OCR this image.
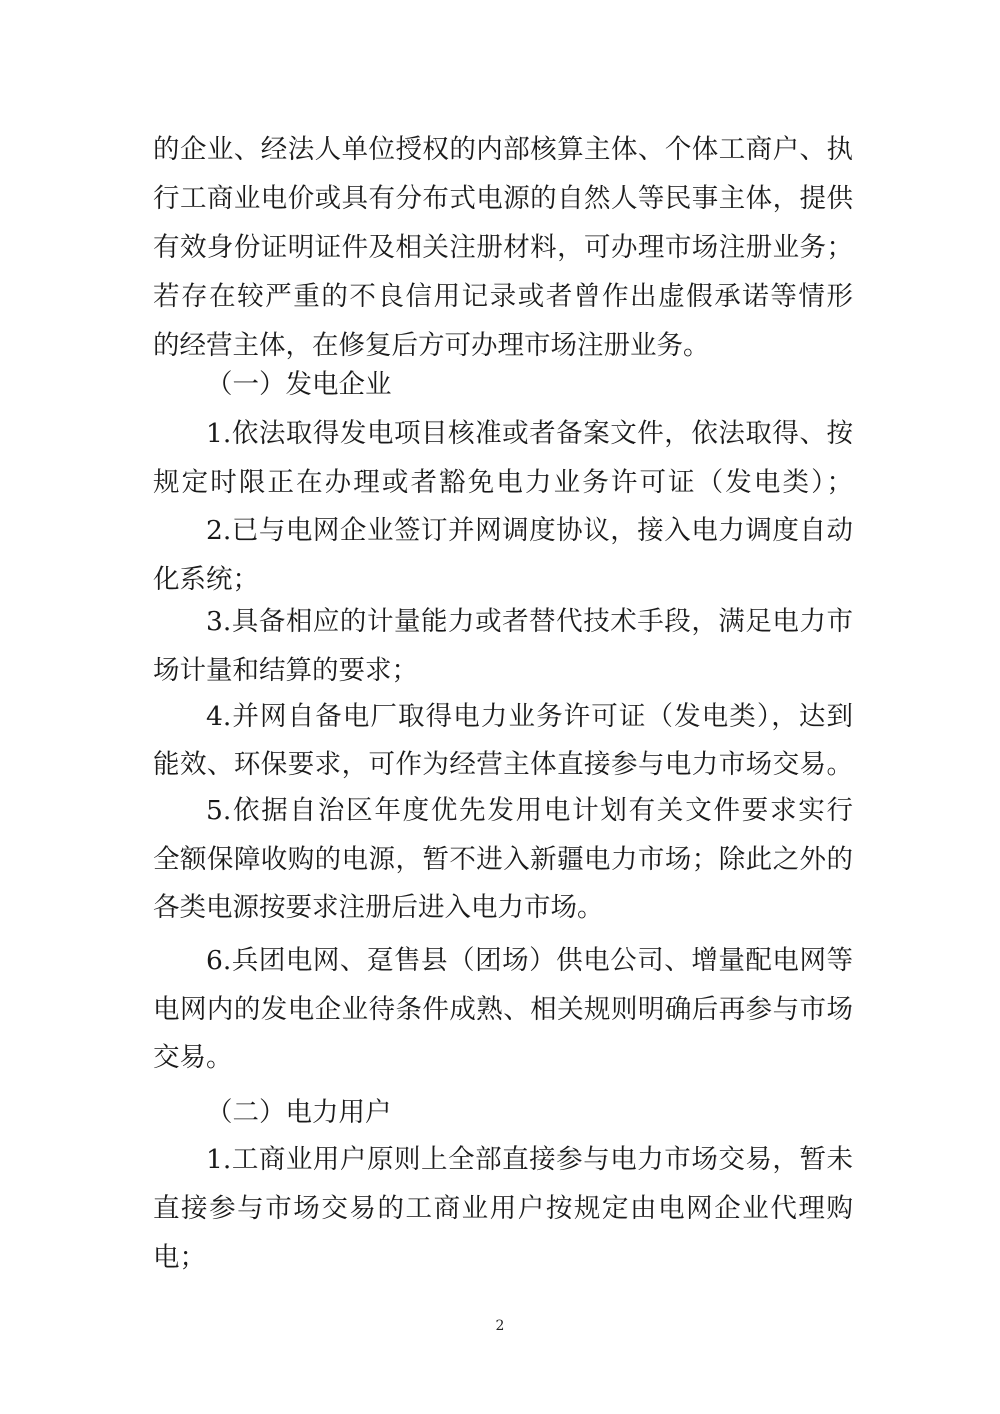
的企业、经法人单位授权的内部核算主体、个体工商户、执
行工商业电价或具有分布式电源的自然人等民事主体，提供
有效身份证明证件及相关注册材料，可办理市场注册业务；
若存在较严重的不良信用记录或者曾作出虚假承诺等情形
的经营主体，在修复后方可办理市场注册业务。
（一）发电企业
1.依法取得发电项目核准或者备案文件，依法取得、按
规定时限正在办理或者豁免电力业务许可证（发电类）；
2.已与电网企业签订并网调度协议，接入电力调度自动
化系统；
3.具备相应的计量能力或者替代技术手段，满足电力市
场计量和结算的要求；
4.并网自备电厂取得电力业务许可证（发电类），达到
能效、环保要求，可作为经营主体直接参与电力市场交易。
5.依据自治区年度优先发用电计划有关文件要求实行
全额保障收购的电源，暂不进入新疆电力市场；除此之外的
各类电源按要求注册后进入电力市场。
6.兵团电网、趸售县（团场）供电公司、增量配电网等
电网内的发电企业待条件成熟、相关规则明确后再参与市场
交易。
（二）电力用户
1.工商业用户原则上全部直接参与电力市场交易，暂未
直接参与市场交易的工商业用户按规定由电网企业代理购
电；
2
